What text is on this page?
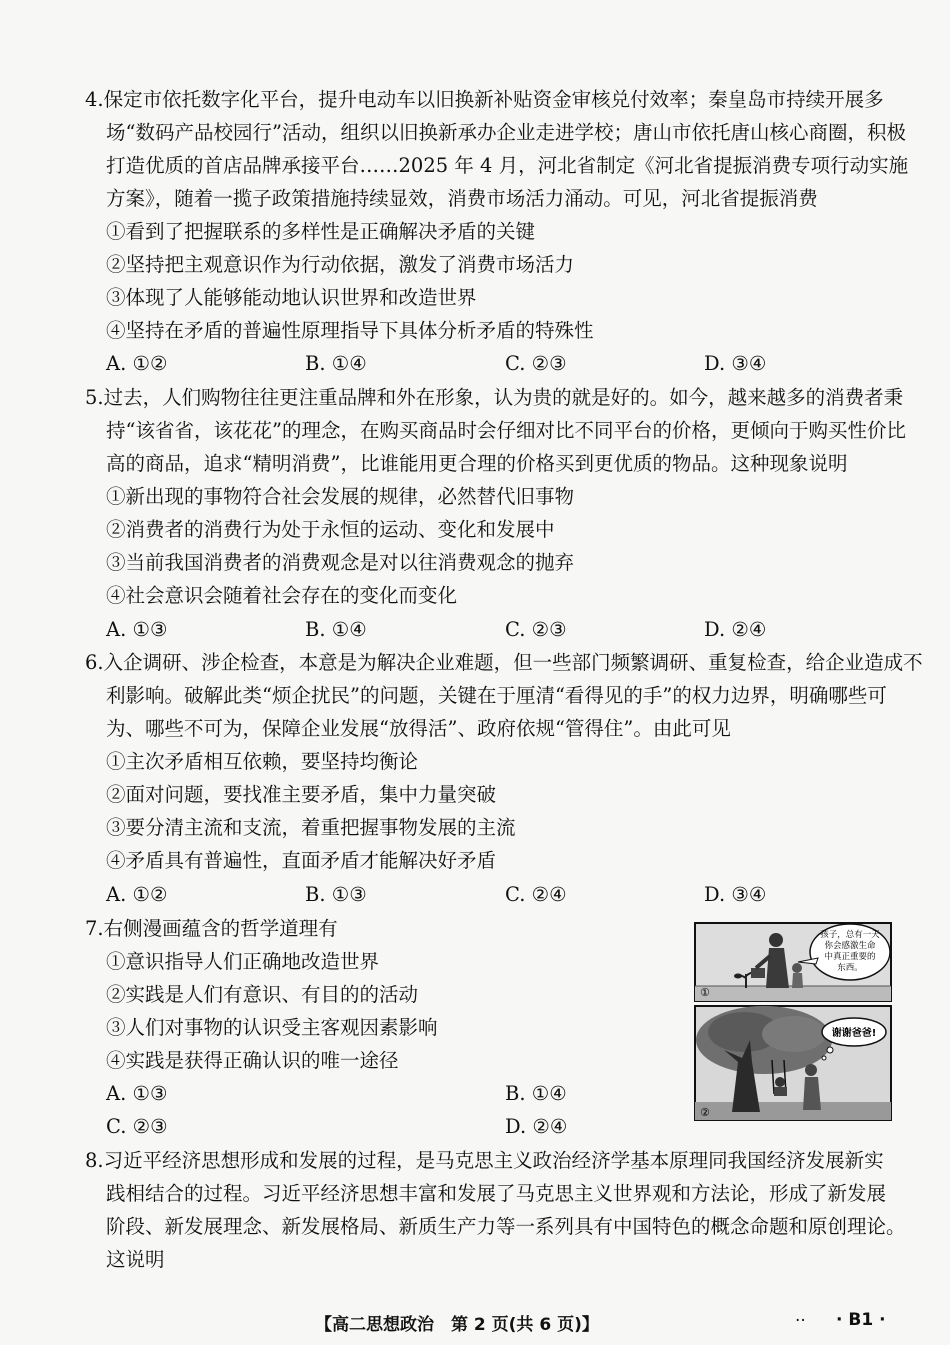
4.保定市依托数字化平台，提升电动车以旧换新补贴资金审核兑付效率；秦皇岛市持续开展多
场“数码产品校园行”活动，组织以旧换新承办企业走进学校；唐山市依托唐山核心商圈，积极
打造优质的首店品牌承接平台……2025 年 4 月，河北省制定《河北省提振消费专项行动实施
方案》，随着一揽子政策措施持续显效，消费市场活力涌动。可见，河北省提振消费
①看到了把握联系的多样性是正确解决矛盾的关键
②坚持把主观意识作为行动依据，激发了消费市场活力
③体现了人能够能动地认识世界和改造世界
④坚持在矛盾的普遍性原理指导下具体分析矛盾的特殊性
A. ①②	B. ①④	C. ②③	D. ③④
5.过去，人们购物往往更注重品牌和外在形象，认为贵的就是好的。如今，越来越多的消费者秉
持“该省省，该花花”的理念，在购买商品时会仔细对比不同平台的价格，更倾向于购买性价比
高的商品，追求“精明消费”，比谁能用更合理的价格买到更优质的物品。这种现象说明
①新出现的事物符合社会发展的规律，必然替代旧事物
②消费者的消费行为处于永恒的运动、变化和发展中
③当前我国消费者的消费观念是对以往消费观念的抛弃
④社会意识会随着社会存在的变化而变化
A. ①③	B. ①④	C. ②③	D. ②④
6.入企调研、涉企检查，本意是为解决企业难题，但一些部门频繁调研、重复检查，给企业造成不
利影响。破解此类“烦企扰民”的问题，关键在于厘清“看得见的手”的权力边界，明确哪些可
为、哪些不可为，保障企业发展“放得活”、政府依规“管得住”。由此可见
①主次矛盾相互依赖，要坚持均衡论
②面对问题，要找准主要矛盾，集中力量突破
③要分清主流和支流，着重把握事物发展的主流
④矛盾具有普遍性，直面矛盾才能解决好矛盾
A. ①②	B. ①③	C. ②④	D. ③④
7.右侧漫画蕴含的哲学道理有
①意识指导人们正确地改造世界
②实践是人们有意识、有目的的活动
③人们对事物的认识受主客观因素影响
④实践是获得正确认识的唯一途径
A. ①③	B. ①④
C. ②③	D. ②④
孩子，总有一天
你会感激生命
中真正重要的
东西。
①
谢谢爸爸!
②
8.习近平经济思想形成和发展的过程，是马克思主义政治经济学基本原理同我国经济发展新实
践相结合的过程。习近平经济思想丰富和发展了马克思主义世界观和方法论，形成了新发展
阶段、新发展理念、新发展格局、新质生产力等一系列具有中国特色的概念命题和原创理论。
这说明
【高二思想政治　第 2 页(共 6 页)】	.. · B1 ·
